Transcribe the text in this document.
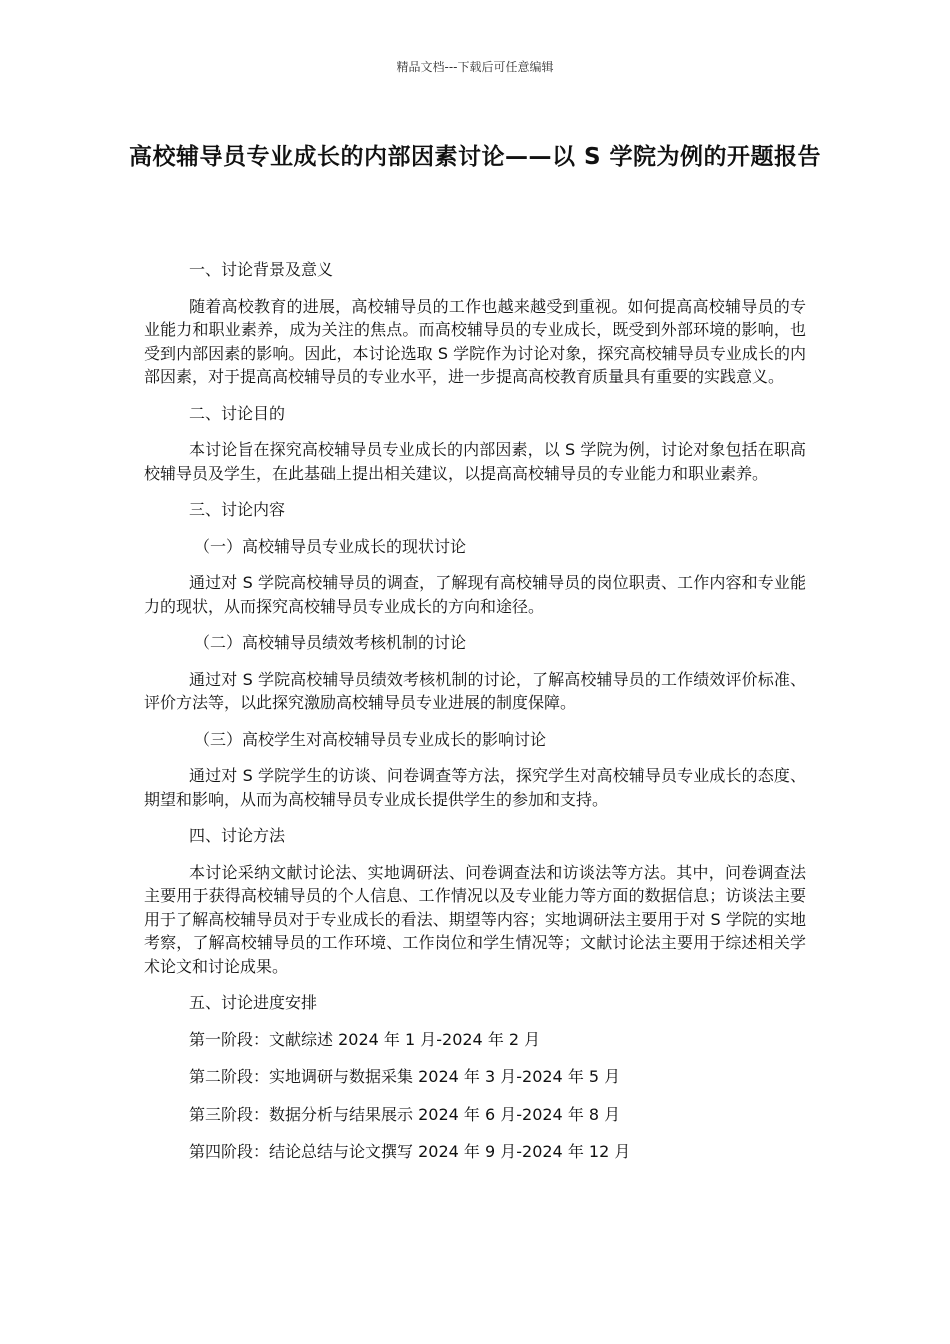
精品文档---下载后可任意编辑
高校辅导员专业成长的内部因素讨论——以 S 学院为例的开题报告

一、讨论背景及意义

随着高校教育的进展，高校辅导员的工作也越来越受到重视。如何提高高校辅导员的专业能力和职业素养，成为关注的焦点。而高校辅导员的专业成长，既受到外部环境的影响，也受到内部因素的影响。因此，本讨论选取 S 学院作为讨论对象，探究高校辅导员专业成长的内部因素，对于提高高校辅导员的专业水平，进一步提高高校教育质量具有重要的实践意义。

二、讨论目的

本讨论旨在探究高校辅导员专业成长的内部因素，以 S 学院为例，讨论对象包括在职高校辅导员及学生，在此基础上提出相关建议，以提高高校辅导员的专业能力和职业素养。

三、讨论内容

（一）高校辅导员专业成长的现状讨论

通过对 S 学院高校辅导员的调查，了解现有高校辅导员的岗位职责、工作内容和专业能力的现状，从而探究高校辅导员专业成长的方向和途径。

（二）高校辅导员绩效考核机制的讨论

通过对 S 学院高校辅导员绩效考核机制的讨论，了解高校辅导员的工作绩效评价标准、评价方法等，以此探究激励高校辅导员专业进展的制度保障。

（三）高校学生对高校辅导员专业成长的影响讨论

通过对 S 学院学生的访谈、问卷调查等方法，探究学生对高校辅导员专业成长的态度、期望和影响，从而为高校辅导员专业成长提供学生的参加和支持。

四、讨论方法

本讨论采纳文献讨论法、实地调研法、问卷调查法和访谈法等方法。其中，问卷调查法主要用于获得高校辅导员的个人信息、工作情况以及专业能力等方面的数据信息；访谈法主要用于了解高校辅导员对于专业成长的看法、期望等内容；实地调研法主要用于对 S 学院的实地考察，了解高校辅导员的工作环境、工作岗位和学生情况等；文献讨论法主要用于综述相关学术论文和讨论成果。

五、讨论进度安排

第一阶段：文献综述 2024 年 1 月-2024 年 2 月

第二阶段：实地调研与数据采集 2024 年 3 月-2024 年 5 月

第三阶段：数据分析与结果展示 2024 年 6 月-2024 年 8 月

第四阶段：结论总结与论文撰写 2024 年 9 月-2024 年 12 月
